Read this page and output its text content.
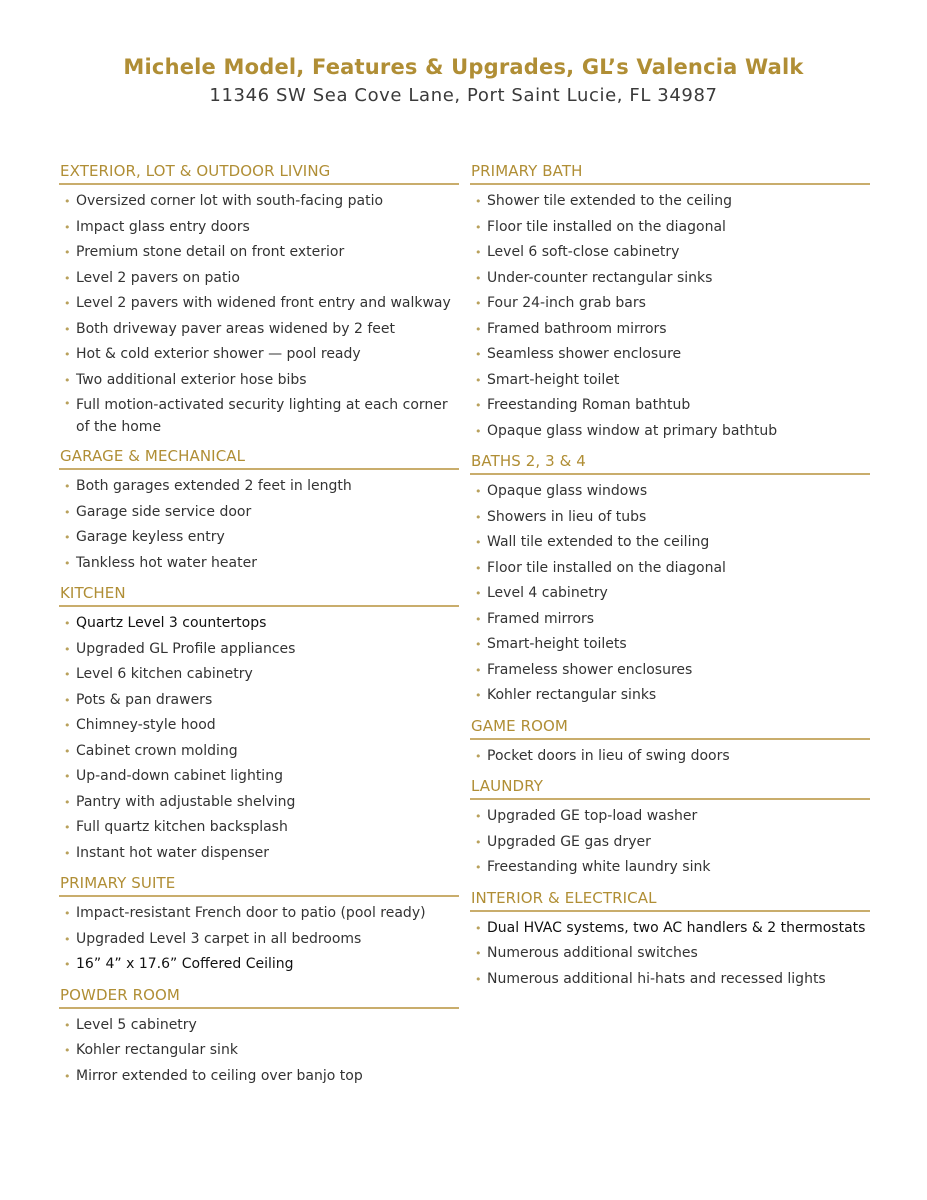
Michele Model, Features & Upgrades, GL’s Valencia Walk
11346 SW Sea Cove Lane, Port Saint Lucie, FL 34987
EXTERIOR, LOT & OUTDOOR LIVING
• Oversized corner lot with south-facing patio
• Impact glass entry doors
• Premium stone detail on front exterior
• Level 2 pavers on patio
• Level 2 pavers with widened front entry and walkway
• Both driveway paver areas widened by 2 feet
• Hot & cold exterior shower — pool ready
• Two additional exterior hose bibs
• Full motion-activated security lighting at each corner of the home
GARAGE & MECHANICAL
• Both garages extended 2 feet in length
• Garage side service door
• Garage keyless entry
• Tankless hot water heater
KITCHEN
• Quartz Level 3 countertops
• Upgraded GL Profile appliances
• Level 6 kitchen cabinetry
• Pots & pan drawers
• Chimney-style hood
• Cabinet crown molding
• Up-and-down cabinet lighting
• Pantry with adjustable shelving
• Full quartz kitchen backsplash
• Instant hot water dispenser
PRIMARY SUITE
• Impact-resistant French door to patio (pool ready)
• Upgraded Level 3 carpet in all bedrooms
• 16” 4” x 17.6” Coffered Ceiling
POWDER ROOM
• Level 5 cabinetry
• Kohler rectangular sink
• Mirror extended to ceiling over banjo top
PRIMARY BATH
• Shower tile extended to the ceiling
• Floor tile installed on the diagonal
• Level 6 soft-close cabinetry
• Under-counter rectangular sinks
• Four 24-inch grab bars
• Framed bathroom mirrors
• Seamless shower enclosure
• Smart-height toilet
• Freestanding Roman bathtub
• Opaque glass window at primary bathtub
BATHS 2, 3 & 4
• Opaque glass windows
• Showers in lieu of tubs
• Wall tile extended to the ceiling
• Floor tile installed on the diagonal
• Level 4 cabinetry
• Framed mirrors
• Smart-height toilets
• Frameless shower enclosures
• Kohler rectangular sinks
GAME ROOM
• Pocket doors in lieu of swing doors
LAUNDRY
• Upgraded GE top-load washer
• Upgraded GE gas dryer
• Freestanding white laundry sink
INTERIOR & ELECTRICAL
• Dual HVAC systems, two AC handlers & 2 thermostats
• Numerous additional switches
• Numerous additional hi-hats and recessed lights
